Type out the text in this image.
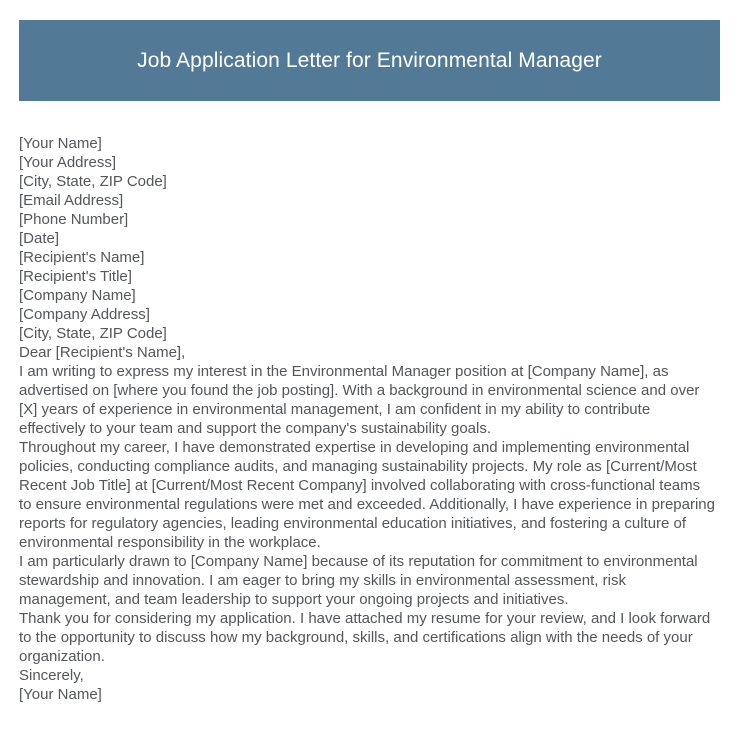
Job Application Letter for Environmental Manager
[Your Name]
[Your Address]
[City, State, ZIP Code]
[Email Address]
[Phone Number]
[Date]
[Recipient's Name]
[Recipient's Title]
[Company Name]
[Company Address]
[City, State, ZIP Code]
Dear [Recipient's Name],
I am writing to express my interest in the Environmental Manager position at [Company Name], as advertised on [where you found the job posting]. With a background in environmental science and over [X] years of experience in environmental management, I am confident in my ability to contribute effectively to your team and support the company's sustainability goals.
Throughout my career, I have demonstrated expertise in developing and implementing environmental policies, conducting compliance audits, and managing sustainability projects. My role as [Current/Most Recent Job Title] at [Current/Most Recent Company] involved collaborating with cross-functional teams to ensure environmental regulations were met and exceeded. Additionally, I have experience in preparing reports for regulatory agencies, leading environmental education initiatives, and fostering a culture of environmental responsibility in the workplace.
I am particularly drawn to [Company Name] because of its reputation for commitment to environmental stewardship and innovation. I am eager to bring my skills in environmental assessment, risk management, and team leadership to support your ongoing projects and initiatives.
Thank you for considering my application. I have attached my resume for your review, and I look forward to the opportunity to discuss how my background, skills, and certifications align with the needs of your organization.
Sincerely,
[Your Name]
